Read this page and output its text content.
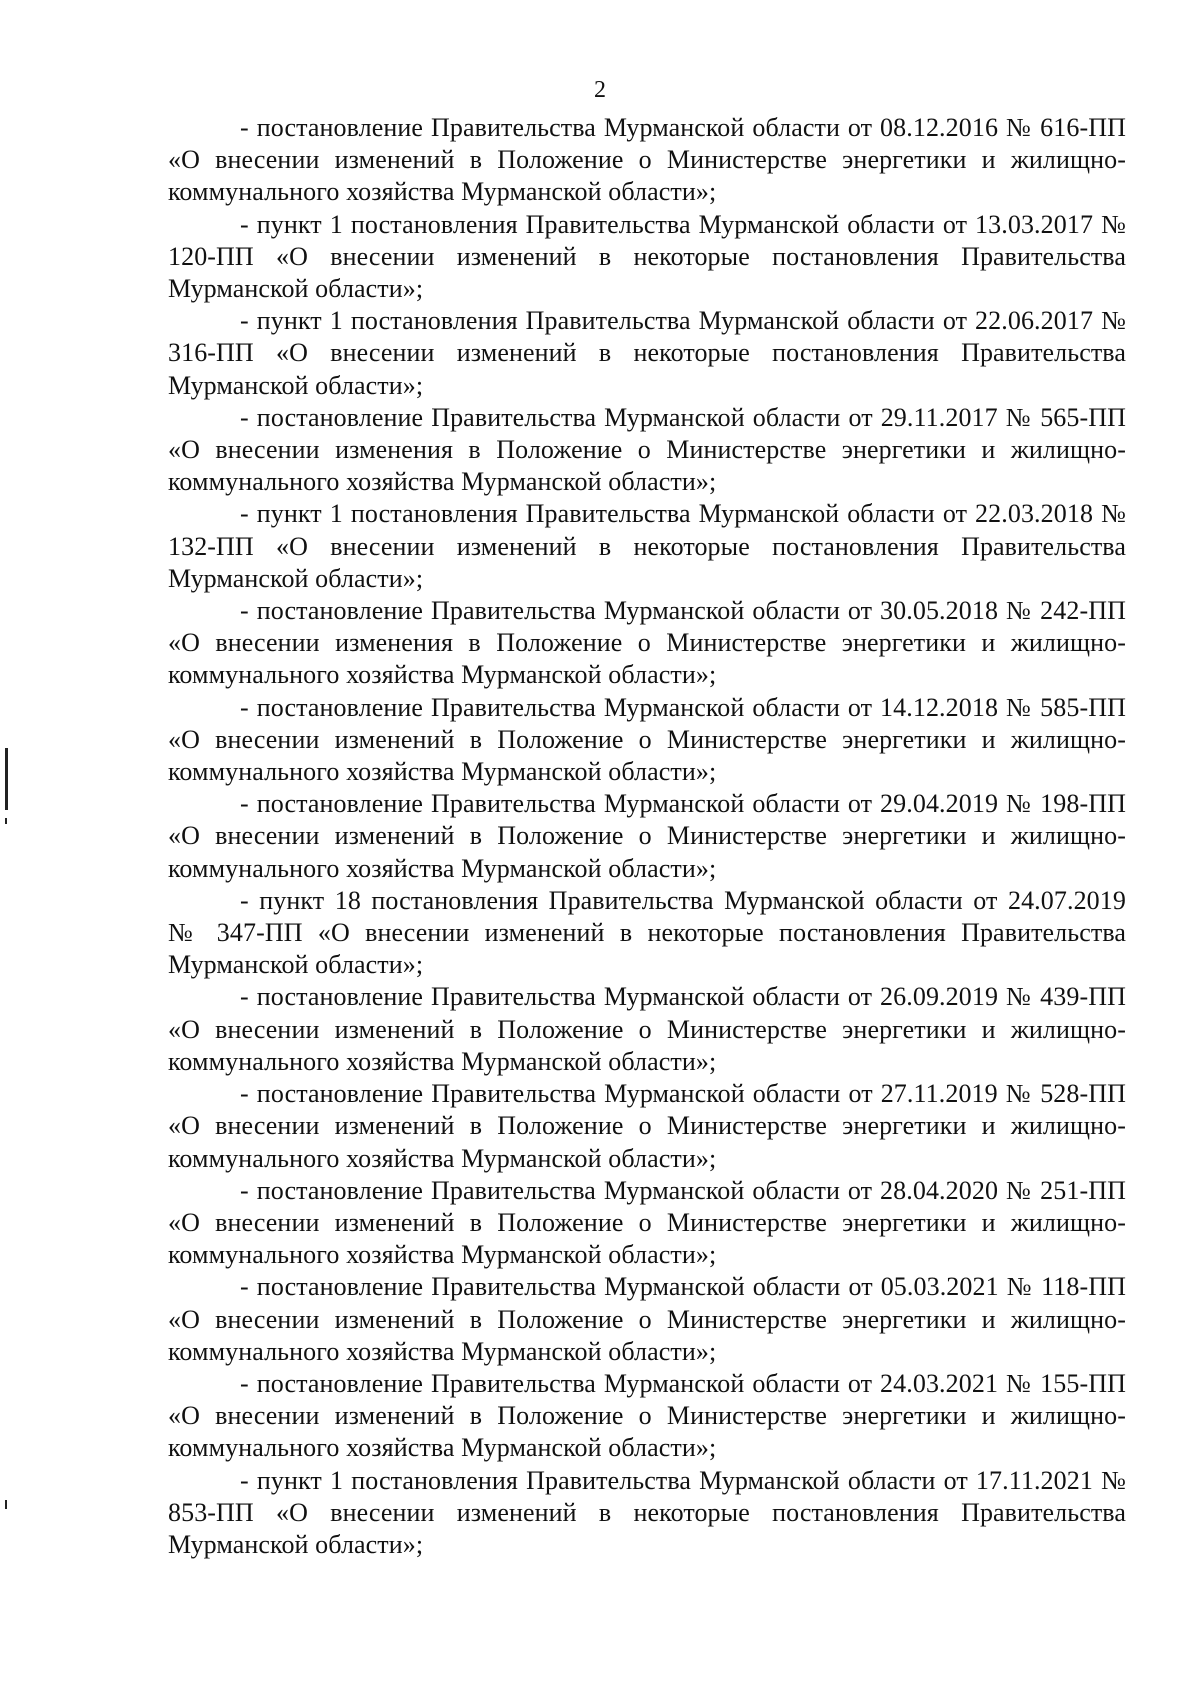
2

- постановление Правительства Мурманской области от 08.12.2016 № 616-ПП «О внесении изменений в Положение о Министерстве энергетики и жилищно-коммунального хозяйства Мурманской области»;

- пункт 1 постановления Правительства Мурманской области от 13.03.2017 № 120-ПП «О внесении изменений в некоторые постановления Правительства Мурманской области»;

- пункт 1 постановления Правительства Мурманской области от 22.06.2017 № 316-ПП «О внесении изменений в некоторые постановления Правительства Мурманской области»;

- постановление Правительства Мурманской области от 29.11.2017 № 565-ПП «О внесении изменения в Положение о Министерстве энергетики и жилищно-коммунального хозяйства Мурманской области»;

- пункт 1 постановления Правительства Мурманской области от 22.03.2018 № 132-ПП «О внесении изменений в некоторые постановления Правительства Мурманской области»;

- постановление Правительства Мурманской области от 30.05.2018 № 242-ПП «О внесении изменения в Положение о Министерстве энергетики и жилищно-коммунального хозяйства Мурманской области»;

- постановление Правительства Мурманской области от 14.12.2018 № 585-ПП «О внесении изменений в Положение о Министерстве энергетики и жилищно-коммунального хозяйства Мурманской области»;

- постановление Правительства Мурманской области от 29.04.2019 № 198-ПП «О внесении изменений в Положение о Министерстве энергетики и жилищно-коммунального хозяйства Мурманской области»;

- пункт 18 постановления Правительства Мурманской области от 24.07.2019 № 347-ПП «О внесении изменений в некоторые постановления Правительства Мурманской области»;

- постановление Правительства Мурманской области от 26.09.2019 № 439-ПП «О внесении изменений в Положение о Министерстве энергетики и жилищно-коммунального хозяйства Мурманской области»;

- постановление Правительства Мурманской области от 27.11.2019 № 528-ПП «О внесении изменений в Положение о Министерстве энергетики и жилищно-коммунального хозяйства Мурманской области»;

- постановление Правительства Мурманской области от 28.04.2020 № 251-ПП «О внесении изменений в Положение о Министерстве энергетики и жилищно-коммунального хозяйства Мурманской области»;

- постановление Правительства Мурманской области от 05.03.2021 № 118-ПП «О внесении изменений в Положение о Министерстве энергетики и жилищно-коммунального хозяйства Мурманской области»;

- постановление Правительства Мурманской области от 24.03.2021 № 155-ПП «О внесении изменений в Положение о Министерстве энергетики и жилищно-коммунального хозяйства Мурманской области»;

- пункт 1 постановления Правительства Мурманской области от 17.11.2021 № 853-ПП «О внесении изменений в некоторые постановления Правительства Мурманской области»;
